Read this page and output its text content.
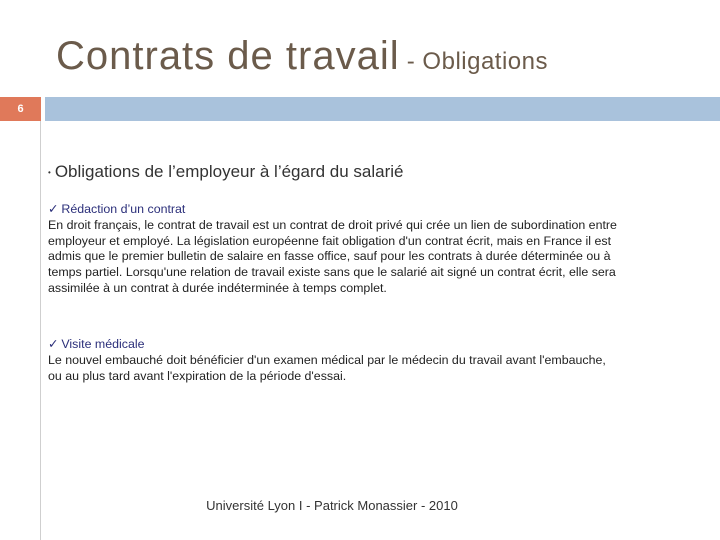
Contrats de travail - Obligations
6
• Obligations de l’employeur à l’égard du salarié
✓ Rédaction d’un contrat
En droit français, le contrat de travail est un contrat de droit privé qui crée un lien de subordination entre employeur et employé. La législation européenne fait obligation d'un contrat écrit, mais en France il est admis que le premier bulletin de salaire en fasse office, sauf pour les contrats à durée déterminée ou à temps partiel. Lorsqu'une relation de travail existe sans que le salarié ait signé un contrat écrit, elle sera assimilée à un contrat à durée indéterminée à temps complet.
✓ Visite médicale
Le nouvel embauché doit bénéficier d'un examen médical par le médecin du travail avant l'embauche, ou au plus tard avant l'expiration de la période d'essai.
Université Lyon I - Patrick Monassier - 2010
